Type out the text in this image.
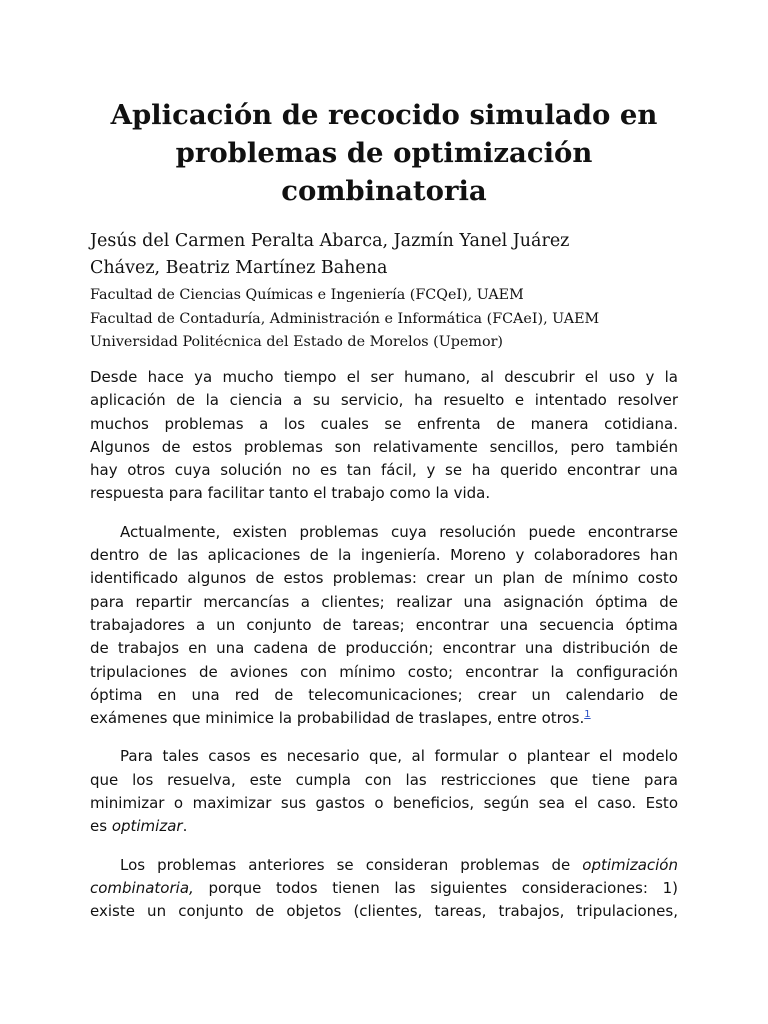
Aplicación de recocido simulado en
problemas de optimización
combinatoria
Jesús del Carmen Peralta Abarca, Jazmín Yanel Juárez
Chávez, Beatriz Martínez Bahena
Facultad de Ciencias Químicas e Ingeniería (FCQeI), UAEM
Facultad de Contaduría, Administración e Informática (FCAeI), UAEM
Universidad Politécnica del Estado de Morelos (Upemor)

Desde hace ya mucho tiempo el ser humano, al descubrir el uso y la
aplicación de la ciencia a su servicio, ha resuelto e intentado resolver
muchos problemas a los cuales se enfrenta de manera cotidiana.
Algunos de estos problemas son relativamente sencillos, pero también
hay otros cuya solución no es tan fácil, y se ha querido encontrar una
respuesta para facilitar tanto el trabajo como la vida.

Actualmente, existen problemas cuya resolución puede encontrarse
dentro de las aplicaciones de la ingeniería. Moreno y colaboradores han
identificado algunos de estos problemas: crear un plan de mínimo costo
para repartir mercancías a clientes; realizar una asignación óptima de
trabajadores a un conjunto de tareas; encontrar una secuencia óptima
de trabajos en una cadena de producción; encontrar una distribución de
tripulaciones de aviones con mínimo costo; encontrar la configuración
óptima en una red de telecomunicaciones; crear un calendario de
exámenes que minimice la probabilidad de traslapes, entre otros.$^1$

Para tales casos es necesario que, al formular o plantear el modelo
que los resuelva, este cumpla con las restricciones que tiene para
minimizar o maximizar sus gastos o beneficios, según sea el caso. Esto
es optimizar.

Los problemas anteriores se consideran problemas de optimización
combinatoria, porque todos tienen las siguientes consideraciones: 1)
existe un conjunto de objetos (clientes, tareas, trabajos, tripulaciones,
